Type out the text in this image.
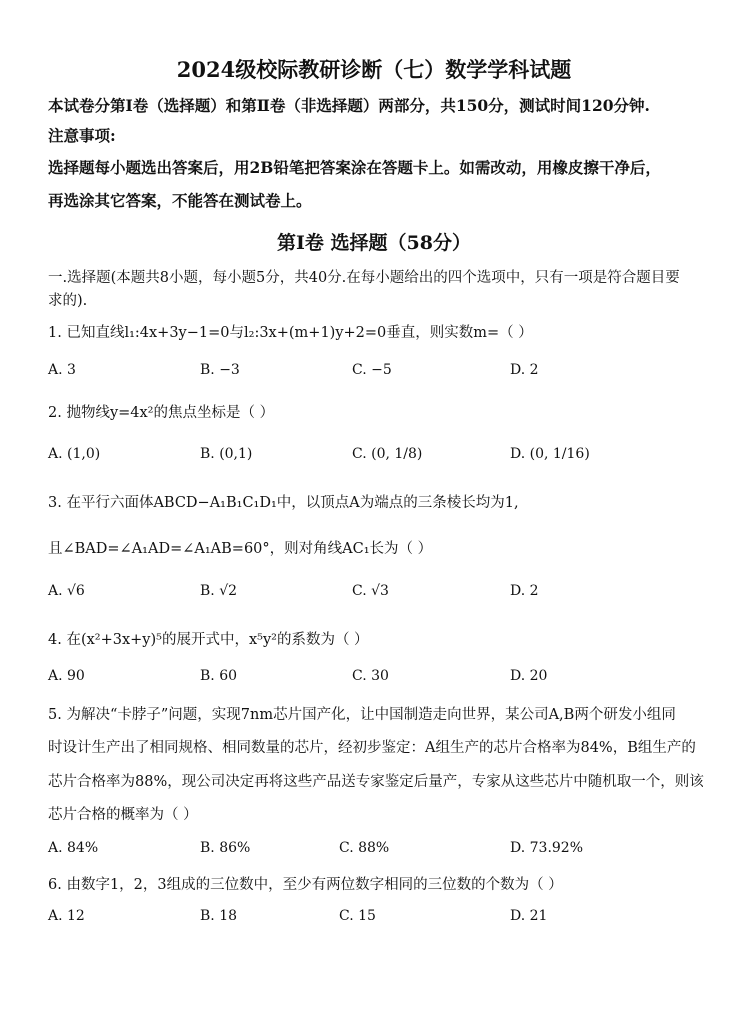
2024级校际教研诊断（七）数学学科试题
本试卷分第Ⅰ卷（选择题）和第Ⅱ卷（非选择题）两部分，共150分，测试时间120分钟.
注意事项:
选择题每小题选出答案后，用2B铅笔把答案涂在答题卡上。如需改动，用橡皮擦干净后，
再选涂其它答案，不能答在测试卷上。
第Ⅰ卷 选择题（58分）
一.选择题(本题共8小题，每小题5分，共40分.在每小题给出的四个选项中，只有一项是符合题目要
求的).
1. 已知直线l₁:4x+3y−1=0与l₂:3x+(m+1)y+2=0垂直，则实数m=（ ）
A. 3	B. −3	C. −5	D. 2
2. 抛物线y=4x²的焦点坐标是（ ）
A. (1,0)	B. (0,1)	C. (0, 1/8)	D. (0, 1/16)
3. 在平行六面体ABCD−A₁B₁C₁D₁中，以顶点A为端点的三条棱长均为1,
且∠BAD=∠A₁AD=∠A₁AB=60°，则对角线AC₁长为（ ）
A. √6	B. √2	C. √3	D. 2
4. 在(x²+3x+y)⁵的展开式中，x⁵y²的系数为（ ）
A. 90	B. 60	C. 30	D. 20
5. 为解决“卡脖子”问题，实现7nm芯片国产化，让中国制造走向世界，某公司A,B两个研发小组同
时设计生产出了相同规格、相同数量的芯片，经初步鉴定：A组生产的芯片合格率为84%，B组生产的
芯片合格率为88%，现公司决定再将这些产品送专家鉴定后量产，专家从这些芯片中随机取一个，则该
芯片合格的概率为（ ）
A. 84%	B. 86%	C. 88%	D. 73.92%
6. 由数字1，2，3组成的三位数中，至少有两位数字相同的三位数的个数为（ ）
A. 12	B. 18	C. 15	D. 21
